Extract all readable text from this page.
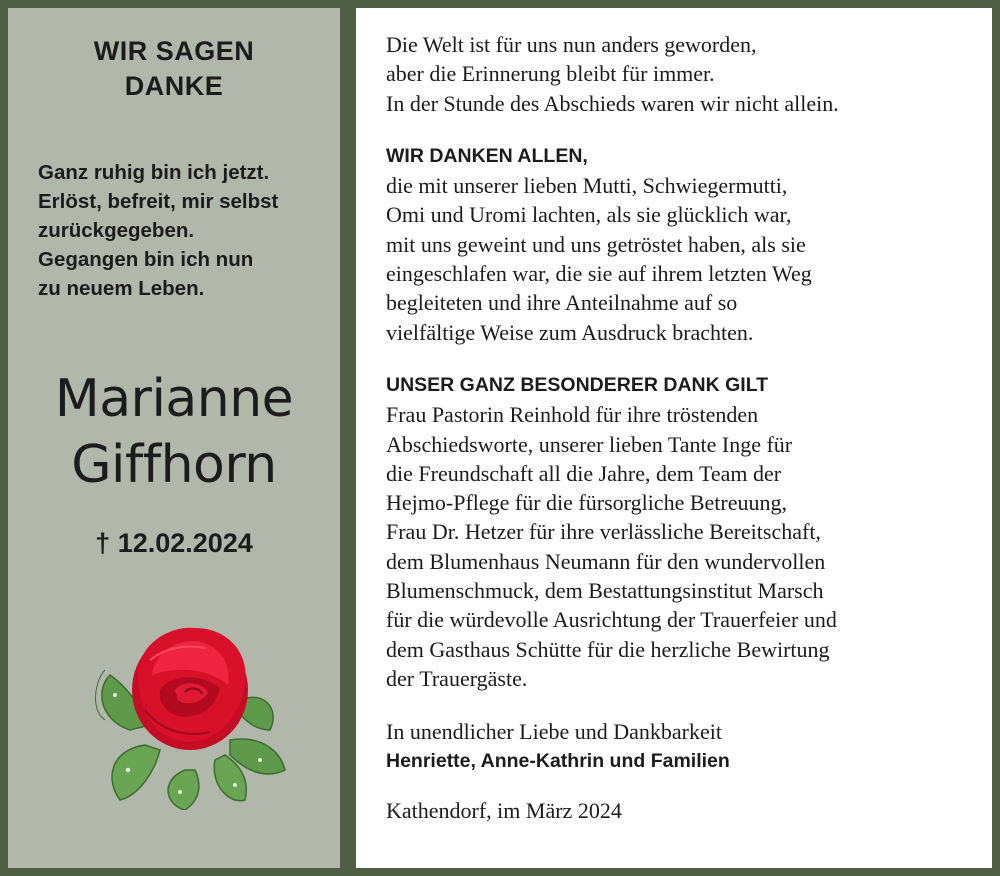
WIR SAGEN
DANKE
Ganz ruhig bin ich jetzt.
Erlöst, befreit, mir selbst
zurückgegeben.
Gegangen bin ich nun
zu neuem Leben.
Marianne
Giffhorn
† 12.02.2024
Die Welt ist für uns nun anders geworden,
aber die Erinnerung bleibt für immer.
In der Stunde des Abschieds waren wir nicht allein.
WIR DANKEN ALLEN,
die mit unserer lieben Mutti, Schwiegermutti,
Omi und Uromi lachten, als sie glücklich war,
mit uns geweint und uns getröstet haben, als sie
eingeschlafen war, die sie auf ihrem letzten Weg
begleiteten und ihre Anteilnahme auf so
vielfältige Weise zum Ausdruck brachten.
UNSER GANZ BESONDERER DANK GILT
Frau Pastorin Reinhold für ihre tröstenden
Abschiedsworte, unserer lieben Tante Inge für
die Freundschaft all die Jahre, dem Team der
Hejmo-Pflege für die fürsorgliche Betreuung,
Frau Dr. Hetzer für ihre verlässliche Bereitschaft,
dem Blumenhaus Neumann für den wundervollen
Blumenschmuck, dem Bestattungsinstitut Marsch
für die würdevolle Ausrichtung der Trauerfeier und
dem Gasthaus Schütte für die herzliche Bewirtung
der Trauergäste.
In unendlicher Liebe und Dankbarkeit
Henriette, Anne-Kathrin und Familien
Kathendorf, im März 2024
